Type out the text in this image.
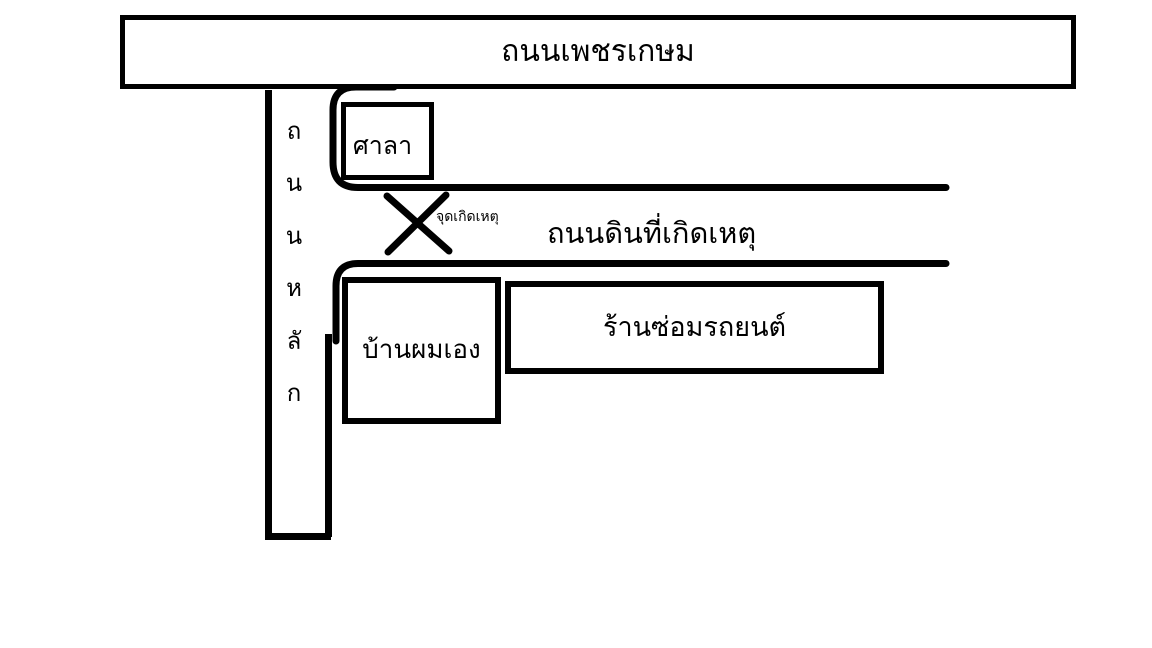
ถนนเพชรเกษม
ศาลา
บ้านผมเอง
ร้านซ่อมรถยนต์
ถ
น
น
ห
ลั
ก
จุดเกิดเหตุ ถนนดินที่เกิดเหตุ
